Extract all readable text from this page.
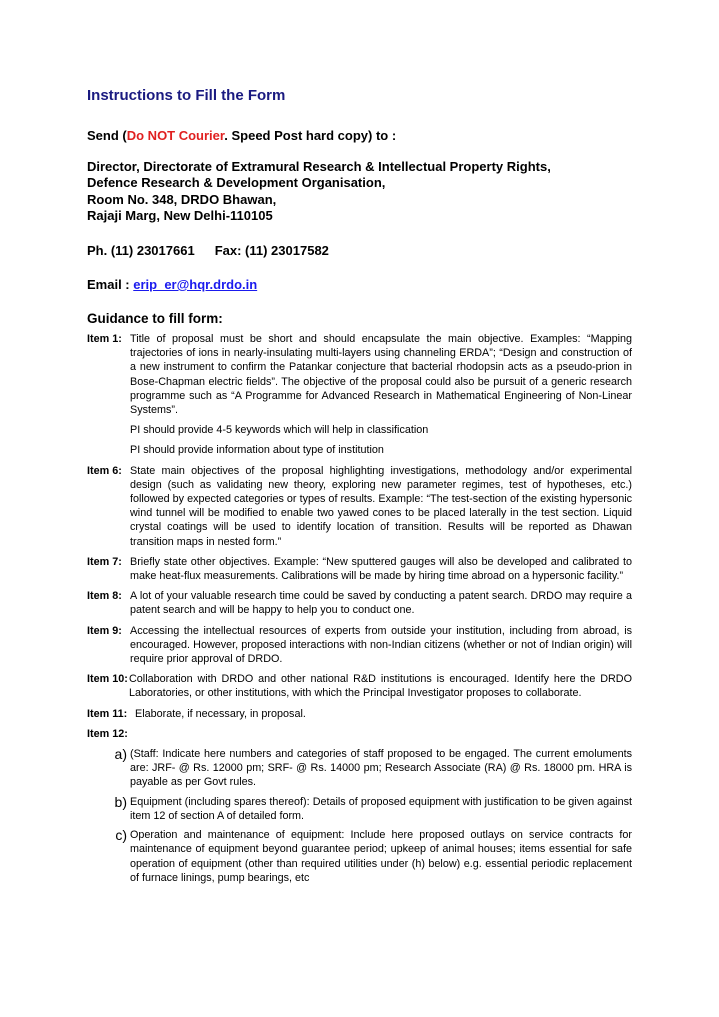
Instructions to Fill the Form

Send (Do NOT Courier. Speed Post hard copy) to :

Director, Directorate of Extramural Research & Intellectual Property Rights,
Defence Research & Development Organisation,
Room No. 348, DRDO Bhawan,
Rajaji Marg, New Delhi-110105

Ph. (11) 23017661 Fax: (11) 23017582

Email : erip_er@hqr.drdo.in

Guidance to fill form:
Item 1: Title of proposal must be short and should encapsulate the main objective. Examples: “Mapping trajectories of ions in nearly-insulating multi-layers using channeling ERDA”; “Design and construction of a new instrument to confirm the Patankar conjecture that bacterial rhodopsin acts as a pseudo-prion in Bose-Chapman electric fields”. The objective of the proposal could also be pursuit of a generic research programme such as “A Programme for Advanced Research in Mathematical Engineering of Non-Linear Systems”.

PI should provide 4-5 keywords which will help in classification

PI should provide information about type of institution

Item 6: State main objectives of the proposal highlighting investigations, methodology and/or experimental design (such as validating new theory, exploring new parameter regimes, test of hypotheses, etc.) followed by expected categories or types of results. Example: “The test-section of the existing hypersonic wind tunnel will be modified to enable two yawed cones to be placed laterally in the test section. Liquid crystal coatings will be used to identify location of transition. Results will be reported as Dhawan transition maps in nested form.”

Item 7: Briefly state other objectives. Example: “New sputtered gauges will also be developed and calibrated to make heat-flux measurements. Calibrations will be made by hiring time abroad on a hypersonic facility.”

Item 8: A lot of your valuable research time could be saved by conducting a patent search. DRDO may require a patent search and will be happy to help you to conduct one.

Item 9: Accessing the intellectual resources of experts from outside your institution, including from abroad, is encouraged. However, proposed interactions with non-Indian citizens (whether or not of Indian origin) will require prior approval of DRDO.

Item 10: Collaboration with DRDO and other national R&D institutions is encouraged. Identify here the DRDO Laboratories, or other institutions, with which the Principal Investigator proposes to collaborate.

Item 11: Elaborate, if necessary, in proposal.

Item 12:
a) (Staff: Indicate here numbers and categories of staff proposed to be engaged. The current emoluments are: JRF- @ Rs. 12000 pm; SRF- @ Rs. 14000 pm; Research Associate (RA) @ Rs. 18000 pm. HRA is payable as per Govt rules.
b) Equipment (including spares thereof): Details of proposed equipment with justification to be given against item 12 of section A of detailed form.
c) Operation and maintenance of equipment: Include here proposed outlays on service contracts for maintenance of equipment beyond guarantee period; upkeep of animal houses; items essential for safe operation of equipment (other than required utilities under (h) below) e.g. essential periodic replacement of furnace linings, pump bearings, etc
